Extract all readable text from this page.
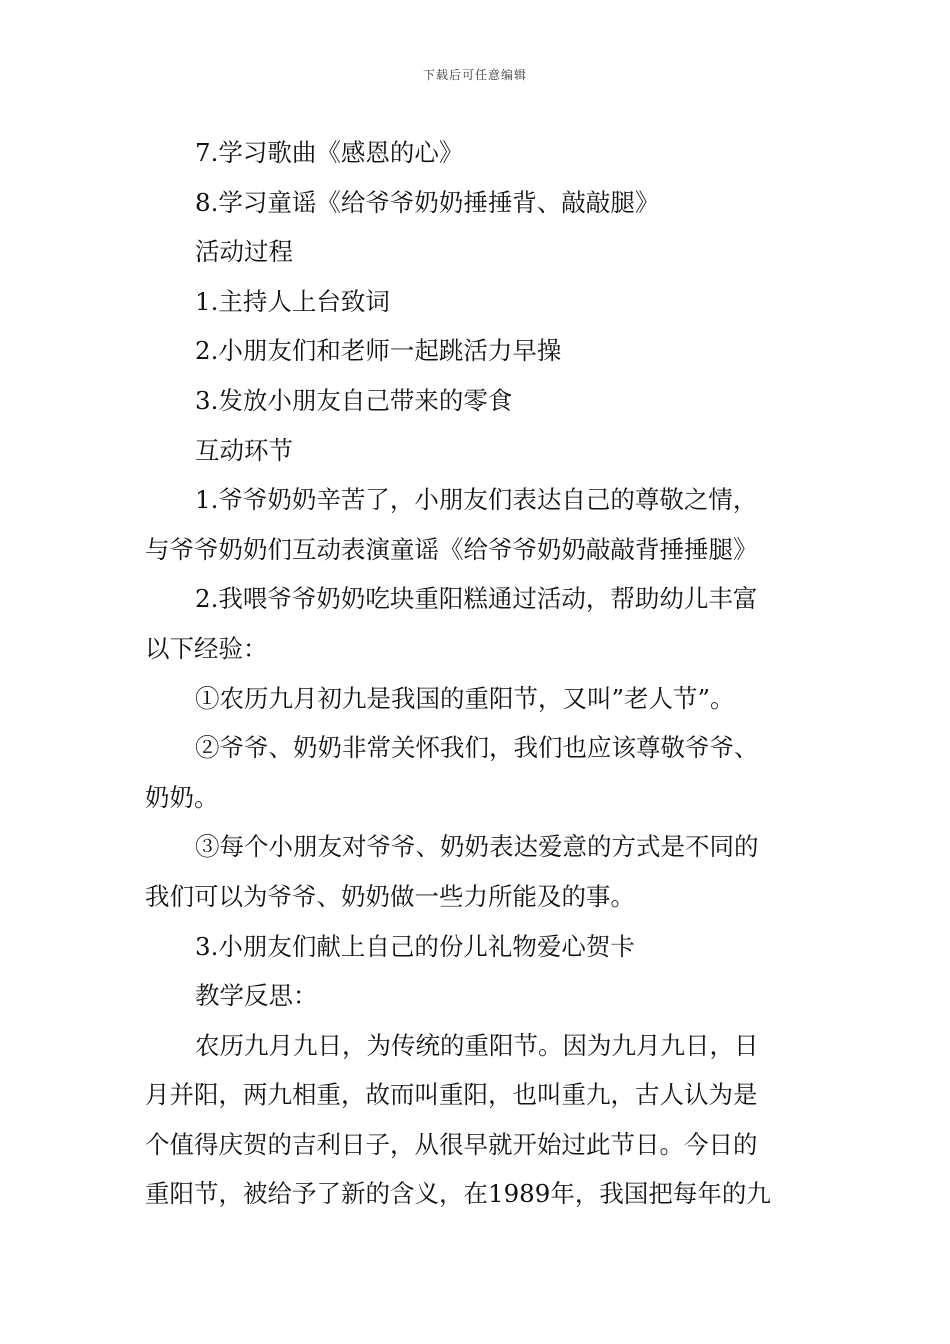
下载后可任意编辑
7.学习歌曲《感恩的心》
8.学习童谣《给爷爷奶奶捶捶背、敲敲腿》
活动过程
1.主持人上台致词
2.小朋友们和老师一起跳活力早操
3.发放小朋友自己带来的零食
互动环节
1.爷爷奶奶辛苦了，小朋友们表达自己的尊敬之情，
与爷爷奶奶们互动表演童谣《给爷爷奶奶敲敲背捶捶腿》
2.我喂爷爷奶奶吃块重阳糕通过活动，帮助幼儿丰富
以下经验：
①农历九月初九是我国的重阳节，又叫”老人节”。
②爷爷、奶奶非常关怀我们，我们也应该尊敬爷爷、
奶奶。
③每个小朋友对爷爷、奶奶表达爱意的方式是不同的
我们可以为爷爷、奶奶做一些力所能及的事。
3.小朋友们献上自己的份儿礼物爱心贺卡
教学反思：
农历九月九日，为传统的重阳节。因为九月九日，日
月并阳，两九相重，故而叫重阳，也叫重九，古人认为是
个值得庆贺的吉利日子，从很早就开始过此节日。今日的
重阳节，被给予了新的含义，在1989年，我国把每年的九
